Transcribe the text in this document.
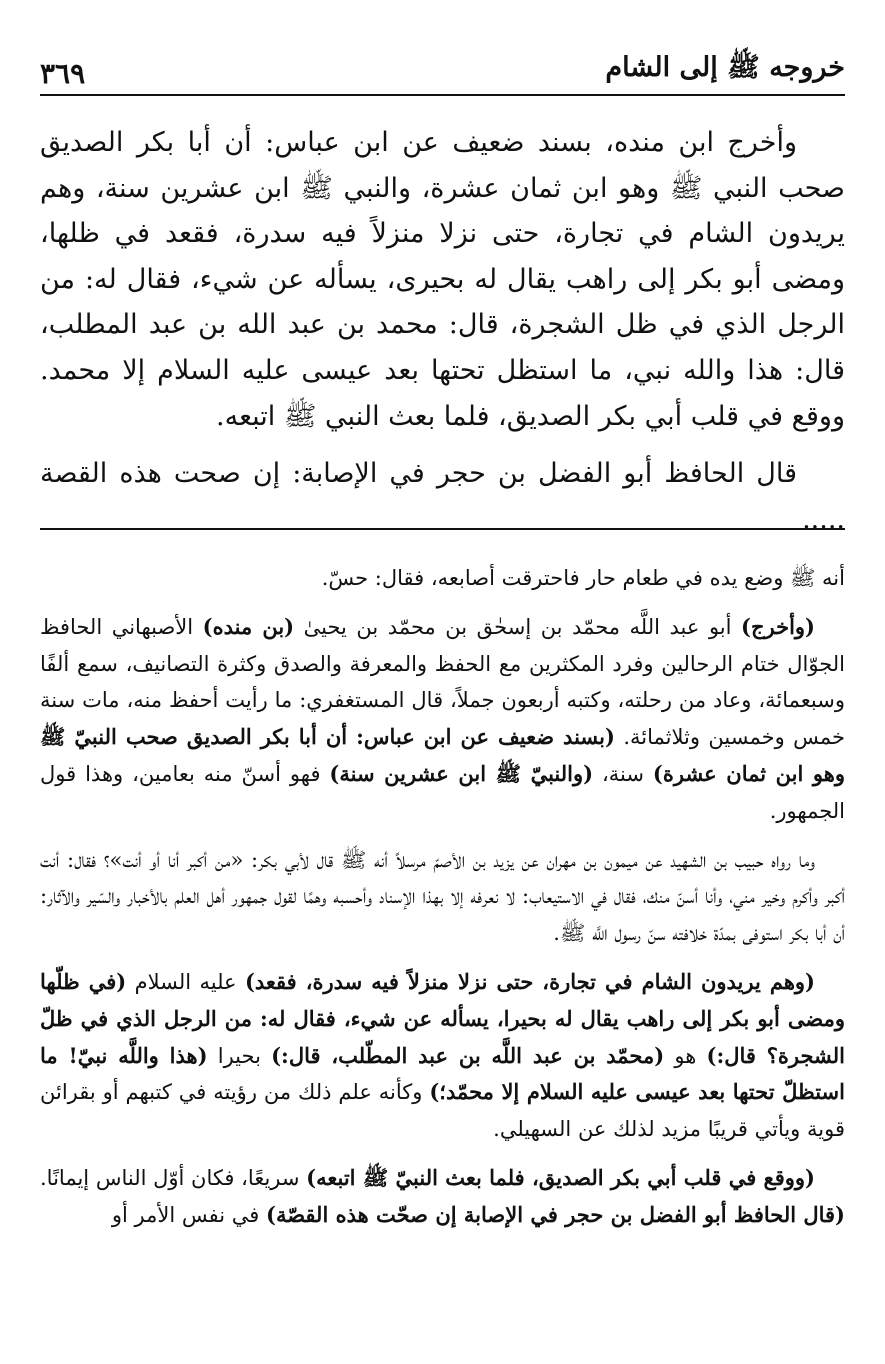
خروجه ﷺ إلى الشام
٣٦٩

وأخرج ابن منده، بسند ضعيف عن ابن عباس: أن أبا بكر الصديق صحب النبي ﷺ وهو ابن ثمان عشرة، والنبي ﷺ ابن عشرين سنة، وهم يريدون الشام في تجارة، حتى نزلا منزلاً فيه سدرة، فقعد في ظلها، ومضى أبو بكر إلى راهب يقال له بحيرى، يسأله عن شيء، فقال له: من الرجل الذي في ظل الشجرة، قال: محمد بن عبد الله بن عبد المطلب، قال: هذا والله نبي، ما استظل تحتها بعد عيسى عليه السلام إلا محمد. ووقع في قلب أبي بكر الصديق، فلما بعث النبي ﷺ اتبعه.

قال الحافظ أبو الفضل بن حجر في الإصابة: إن صحت هذه القصة .....

أنه ﷺ وضع يده في طعام حار فاحترقت أصابعه، فقال: حسّ.

(وأخرج) أبو عبد اللَّه محمّد بن إسحٰق بن محمّد بن يحيىٰ (بن منده) الأصبهاني الحافظ الجوّال ختام الرحالين وفرد المكثرين مع الحفظ والمعرفة والصدق وكثرة التصانيف، سمع ألفًا وسبعمائة، وعاد من رحلته، وكتبه أربعون جملاً، قال المستغفري: ما رأيت أحفظ منه، مات سنة خمس وخمسين وثلاثمائة. (بسند ضعيف عن ابن عباس: أن أبا بكر الصديق صحب النبيّ ﷺ وهو ابن ثمان عشرة) سنة، (والنبيّ ﷺ ابن عشرين سنة) فهو أسنّ منه بعامين، وهذا قول الجمهور.

وما رواه حبيب بن الشهيد عن ميمون بن مهران عن يزيد بن الأصمّ مرسلاً أنه ﷺ قال لأبي بكر: «من أكبر أنا أو أنت»؟ فقال: أنت أكبر وأكرم وخير مني، وأنا أسنّ منك، فقال في الاستيعاب: لا نعرفه إلا بهذا الإسناد وأحسبه وهمًا لقول جمهور أهل العلم بالأخبار والسّير والآثار: أن أبا بكر استوفى بمدّة خلافته سنّ رسول اللَّه ﷺ.

(وهم يريدون الشام في تجارة، حتى نزلا منزلاً فيه سدرة، فقعد) عليه السلام (في ظلّها ومضى أبو بكر إلى راهب يقال له بحيرا، يسأله عن شيء، فقال له: من الرجل الذي في ظلّ الشجرة؟ قال:) هو (محمّد بن عبد اللَّه بن عبد المطّلب، قال:) بحيرا (هذا واللَّه نبيّ! ما استظلّ تحتها بعد عيسى عليه السلام إلا محمّد؛) وكأنه علم ذلك من رؤيته في كتبهم أو بقرائن قوية ويأتي قريبًا مزيد لذلك عن السهيلي.

(ووقع في قلب أبي بكر الصديق، فلما بعث النبيّ ﷺ اتبعه) سريعًا، فكان أوّل الناس إيمانًا. (قال الحافظ أبو الفضل بن حجر في الإصابة إن صحّت هذه القصّة) في نفس الأمر أو
